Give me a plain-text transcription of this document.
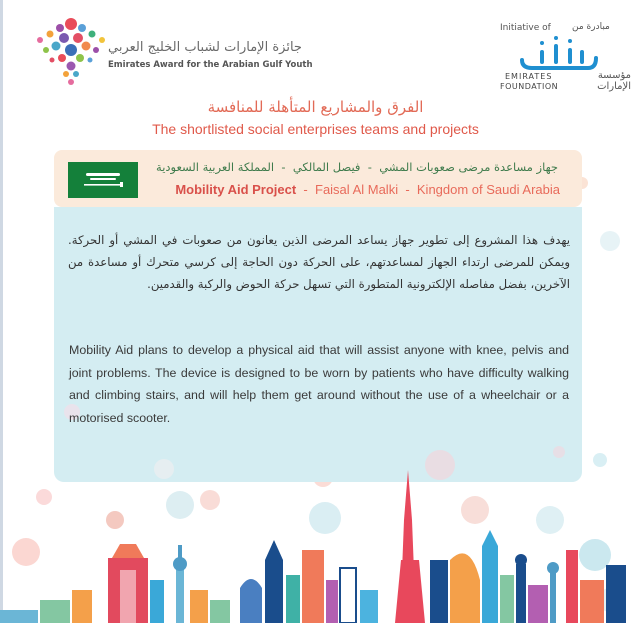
جائزة الإمارات لشباب الخليج العربي
Emirates Award for the Arabian Gulf Youth
Initiative of مبادرة من
EMIRATES
FOUNDATION
مؤسسة الإمارات
الفرق والمشاريع المتأهلة للمنافسة
The shortlisted social enterprises teams and projects
جهاز مساعدة مرضى صعوبات المشي  -  فيصل المالكي  -  المملكة العربية السعودية
Mobility Aid Project - Faisal Al Malki - Kingdom of Saudi Arabia
يهدف هذا المشروع إلى تطوير جهاز يساعد المرضى الذين يعانون من صعوبات في المشي أو الحركة. ويمكن للمرضى ارتداء الجهاز لمساعدتهم، على الحركة دون الحاجة إلى كرسي متحرك أو مساعدة من الآخرين، بفضل مفاصله الإلكترونية المتطورة التي تسهل حركة الحوض والركبة والقدمين.
Mobility Aid plans to develop a physical aid that will assist anyone with knee, pelvis and joint problems. The device is designed to be worn by patients who have difficulty walking and climbing stairs, and will help them get around without the use of a wheelchair or a motorised scooter.
